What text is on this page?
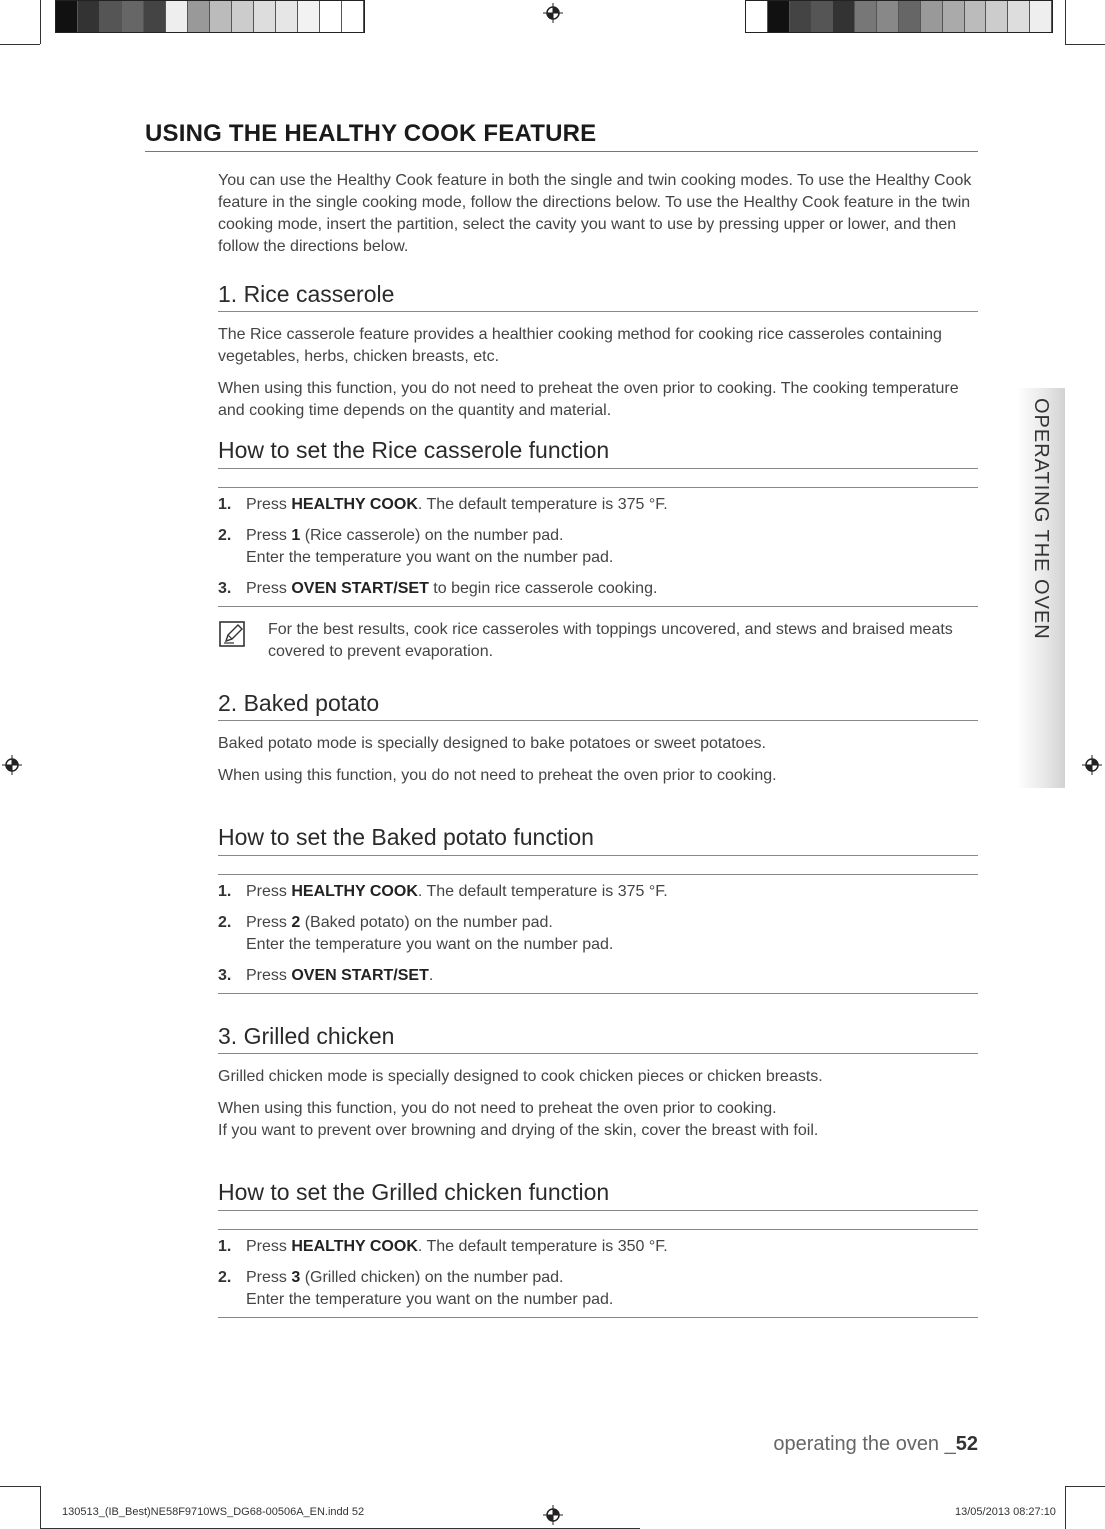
USING THE HEALTHY COOK FEATURE

You can use the Healthy Cook feature in both the single and twin cooking modes. To use the Healthy Cook feature in the single cooking mode, follow the directions below. To use the Healthy Cook feature in the twin cooking mode, insert the partition, select the cavity you want to use by pressing upper or lower, and then follow the directions below.

1. Rice casserole

The Rice casserole feature provides a healthier cooking method for cooking rice casseroles containing vegetables, herbs, chicken breasts, etc.

When using this function, you do not need to preheat the oven prior to cooking. The cooking temperature and cooking time depends on the quantity and material.

How to set the Rice casserole function
1. Press HEALTHY COOK. The default temperature is 375 °F.
2. Press 1 (Rice casserole) on the number pad.
Enter the temperature you want on the number pad.
3. Press OVEN START/SET to begin rice casserole cooking.
For the best results, cook rice casseroles with toppings uncovered, and stews and braised meats covered to prevent evaporation.
2. Baked potato

Baked potato mode is specially designed to bake potatoes or sweet potatoes.

When using this function, you do not need to preheat the oven prior to cooking.

How to set the Baked potato function
1. Press HEALTHY COOK. The default temperature is 375 °F.
2. Press 2 (Baked potato) on the number pad.
Enter the temperature you want on the number pad.
3. Press OVEN START/SET.
3. Grilled chicken

Grilled chicken mode is specially designed to cook chicken pieces or chicken breasts.

When using this function, you do not need to preheat the oven prior to cooking.

If you want to prevent over browning and drying of the skin, cover the breast with foil.

How to set the Grilled chicken function
1. Press HEALTHY COOK. The default temperature is 350 °F.
2. Press 3 (Grilled chicken) on the number pad.
Enter the temperature you want on the number pad.
OPERATING THE OVEN
operating the oven _52
130513_(IB_Best)NE58F9710WS_DG68-00506A_EN.indd 52	13/05/2013 08:27:10
